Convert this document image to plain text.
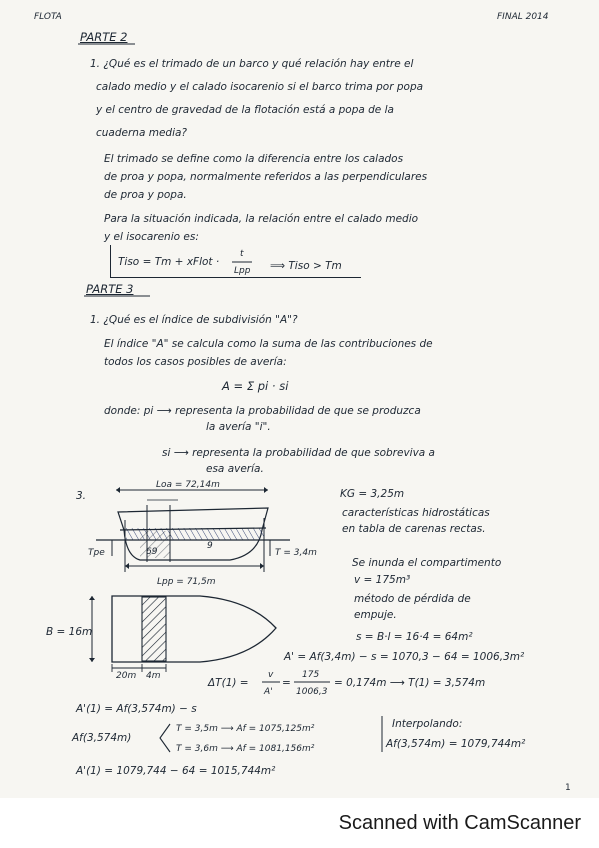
FLOTA	FINAL 2014
PARTE 2
1. ¿Qué es el trimado de un barco y qué relación hay entre el
calado medio y el calado isocarenio si el barco trima por popa
y el centro de gravedad de la flotación está a popa de la
cuaderna media?
El trimado se define como la diferencia entre los calados
de proa y popa, normalmente referidos a las perpendiculares
de proa y popa.
Para la situación indicada, la relación entre el calado medio
y el isocarenio es:
Tiso = Tm + xFlot ·
t
Lpp ⟹ Tiso > Tm
PARTE 3
1. ¿Qué es el índice de subdivisión "A"?
El índice "A" se calcula como la suma de las contribuciones de
todos los casos posibles de avería:
A = Σ pi · si
donde: pi ⟶ representa la probabilidad de que se produzca
la avería "i".
si ⟶ representa la probabilidad de que sobreviva a
esa avería.
3.
Loa = 72,14m
KG = 3,25m
Tpe	T = 3,4m
Lpp = 71,5m
9
características hidrostáticas
en tabla de carenas rectas.
Se inunda el compartimento
v = 175m³
método de pérdida de
empuje.
B = 16m
20m 4m
s = B·l = 16·4 = 64m²
A' = Af(3,4m) − s = 1070,3 − 64 = 1006,3m²
ΔT(1) =
v
A'
=
175
1006,3
= 0,174m ⟶ T(1) = 3,574m
A'(1) = Af(3,574m) − s
Af(3,574m)
T = 3,5m ⟶ Af = 1075,125m²
T = 3,6m ⟶ Af = 1081,156m²
Interpolando:
Af(3,574m) = 1079,744m²
A'(1) = 1079,744 − 64 = 1015,744m²
1
Scanned with CamScanner
